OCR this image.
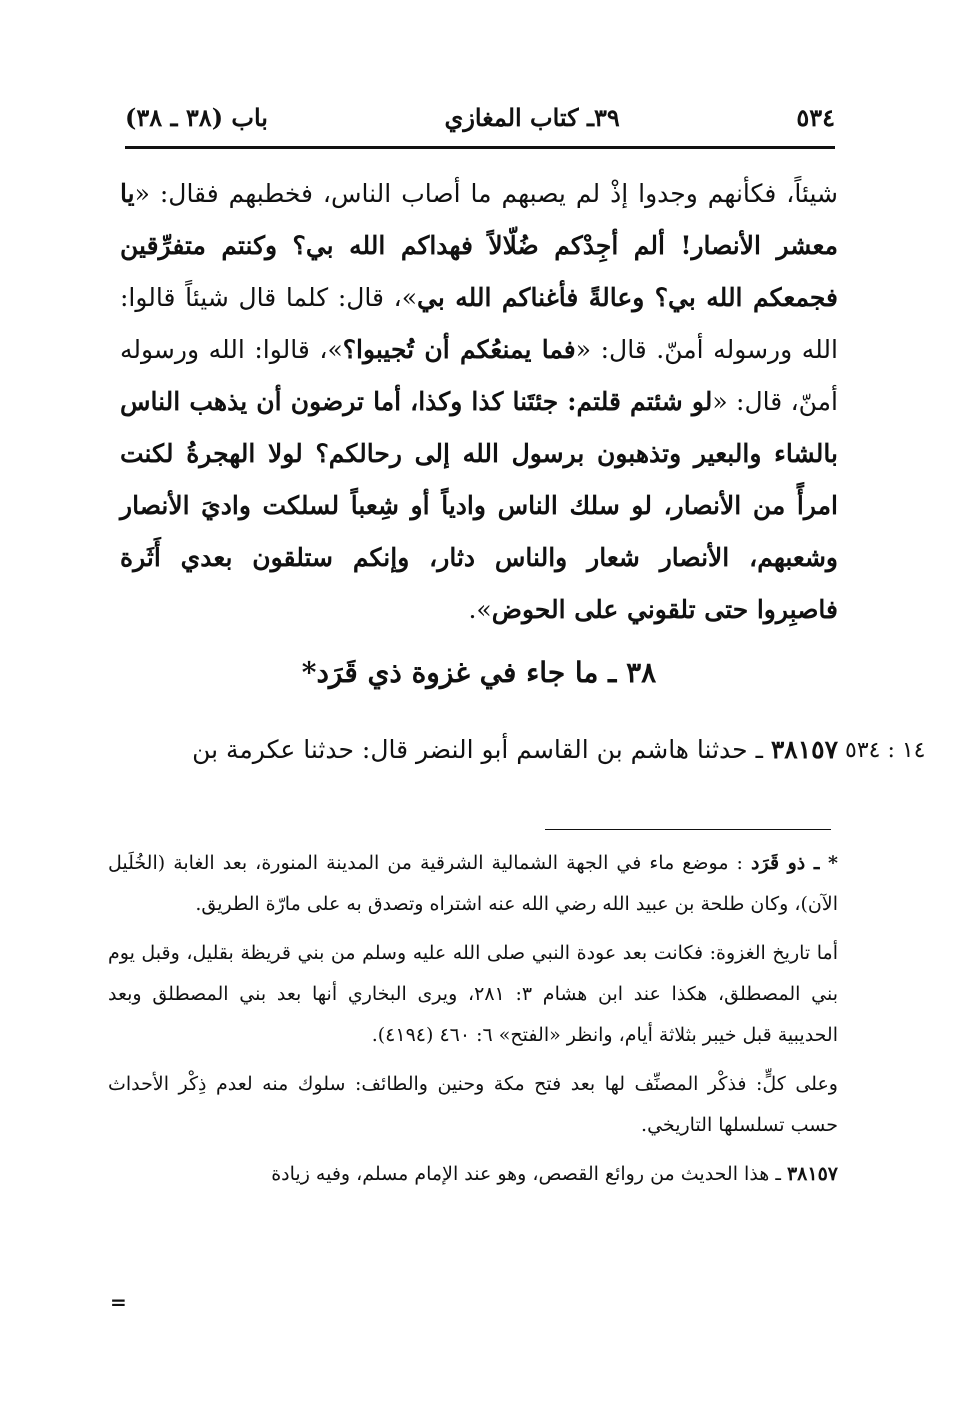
٥٣٤
٣٩ـ كتاب المغازي
باب (٣٨ ـ ٣٨)

شيئاً، فكأنهم وجدوا إذْ لم يصبهم ما أصاب الناس، فخطبهم فقال: «يا معشر الأنصار! ألم أجِدْكم ضُلّالاً فهداكم الله بي؟ وكنتم متفرِّقين فجمعكم الله بي؟ وعالةً فأغناكم الله بي»، قال: كلما قال شيئاً قالوا: الله ورسوله أمنّ. قال: «فما يمنعُكم أن تُجيبوا؟»، قالوا: الله ورسوله أمنّ، قال: «لو شئتم قلتم: جئتَنا كذا وكذا، أما ترضون أن يذهب الناس بالشاء والبعير وتذهبون برسول الله إلى رحالكم؟ لولا الهجرةُ لكنت امرأً من الأنصار، لو سلك الناس وادياً أو شِعباً لسلكت واديَ الأنصار وشعبهم، الأنصار شعار والناس دثار، وإنكم ستلقون بعدي أَثَرة فاصبِروا حتى تلقوني على الحوض».

٣٨ ـ ما جاء في غزوة ذي قَرَد*
٣٨١٥٧ ـ حدثنا هاشم بن القاسم أبو النضر قال: حدثنا عكرمة بن	١٤ : ٥٣٤

* ـ ذو قَرَد : موضع ماء في الجهة الشمالية الشرقية من المدينة المنورة، بعد الغابة (الخُلَيل الآن)، وكان طلحة بن عبيد الله رضي الله عنه اشتراه وتصدق به على مارّة الطريق.

أما تاريخ الغزوة: فكانت بعد عودة النبي صلى الله عليه وسلم من بني قريظة بقليل، وقبل يوم بني المصطلق، هكذا عند ابن هشام ٣: ٢٨١، ويرى البخاري أنها بعد بني المصطلق وبعد الحديبية قبل خيبر بثلاثة أيام، وانظر «الفتح» ٦: ٤٦٠ (٤١٩٤).

وعلى كلٍّ: فذكْر المصنِّف لها بعد فتح مكة وحنين والطائف: سلوك منه لعدم ذِكْر الأحداث حسب تسلسلها التاريخي.

٣٨١٥٧ ـ هذا الحديث من روائع القصص، وهو عند الإمام مسلم، وفيه زيادة

=
